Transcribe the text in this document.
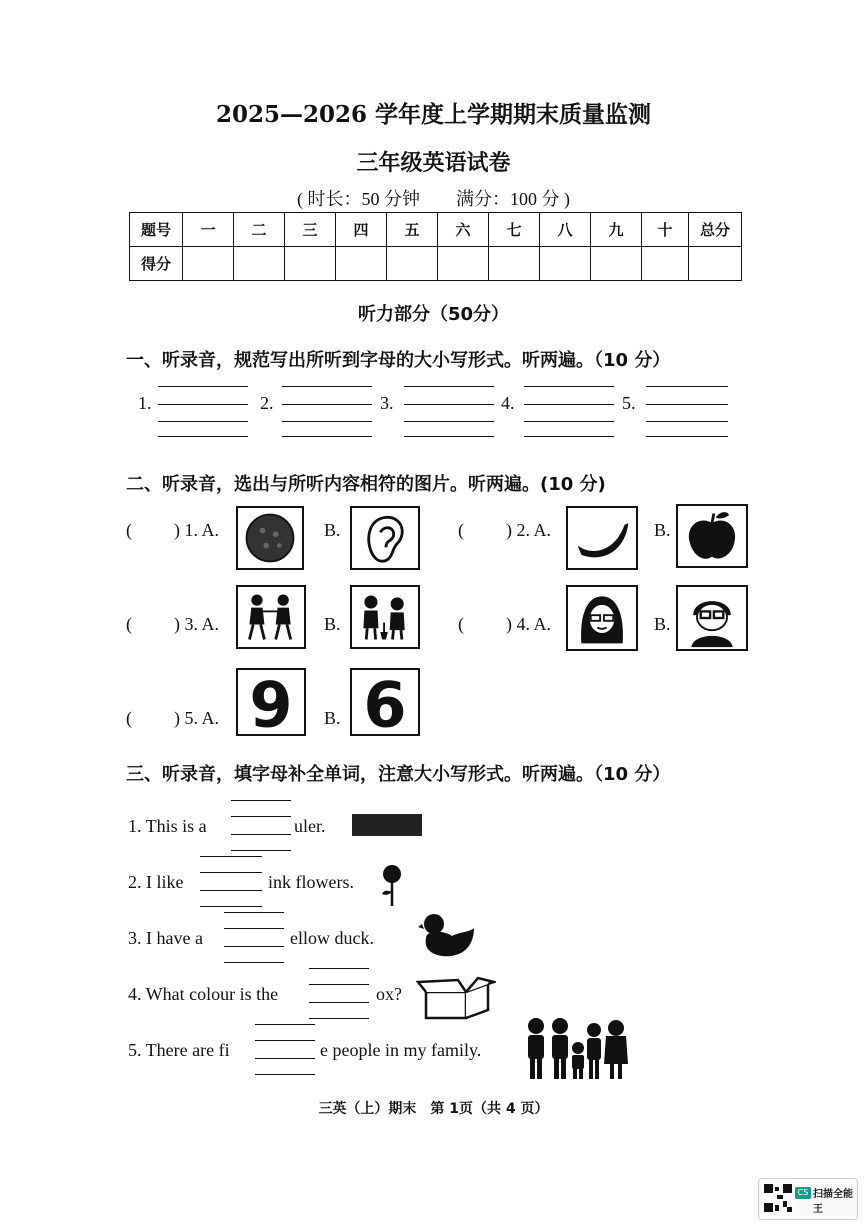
2025—2026 学年度上学期期末质量监测
三年级英语试卷
( 时长：50 分钟　　满分：100 分 )
题号	一	二	三	四	五	六	七	八	九	十	总分
得分											
听力部分（50分）
一、听录音，规范写出所听到字母的大小写形式。听两遍。（10 分）
1.	2.	3.	4.	5.
二、听录音，选出与所听内容相符的图片。听两遍。(10 分)
( ) 1. A.	B.	( ) 2. A.	B.
( ) 3. A.	B.	( ) 4. A.	B.
( ) 5. A. 9 B. 6
三、听录音，填字母补全单词，注意大小写形式。听两遍。（10 分）
1. This is a	uler.
2. I like	ink flowers.
3. I have a	ellow duck.
4. What colour is the	ox?
5. There are fi	e people in my family.
三英（上）期末　第 1页（共 4 页）
CS 扫描全能王
